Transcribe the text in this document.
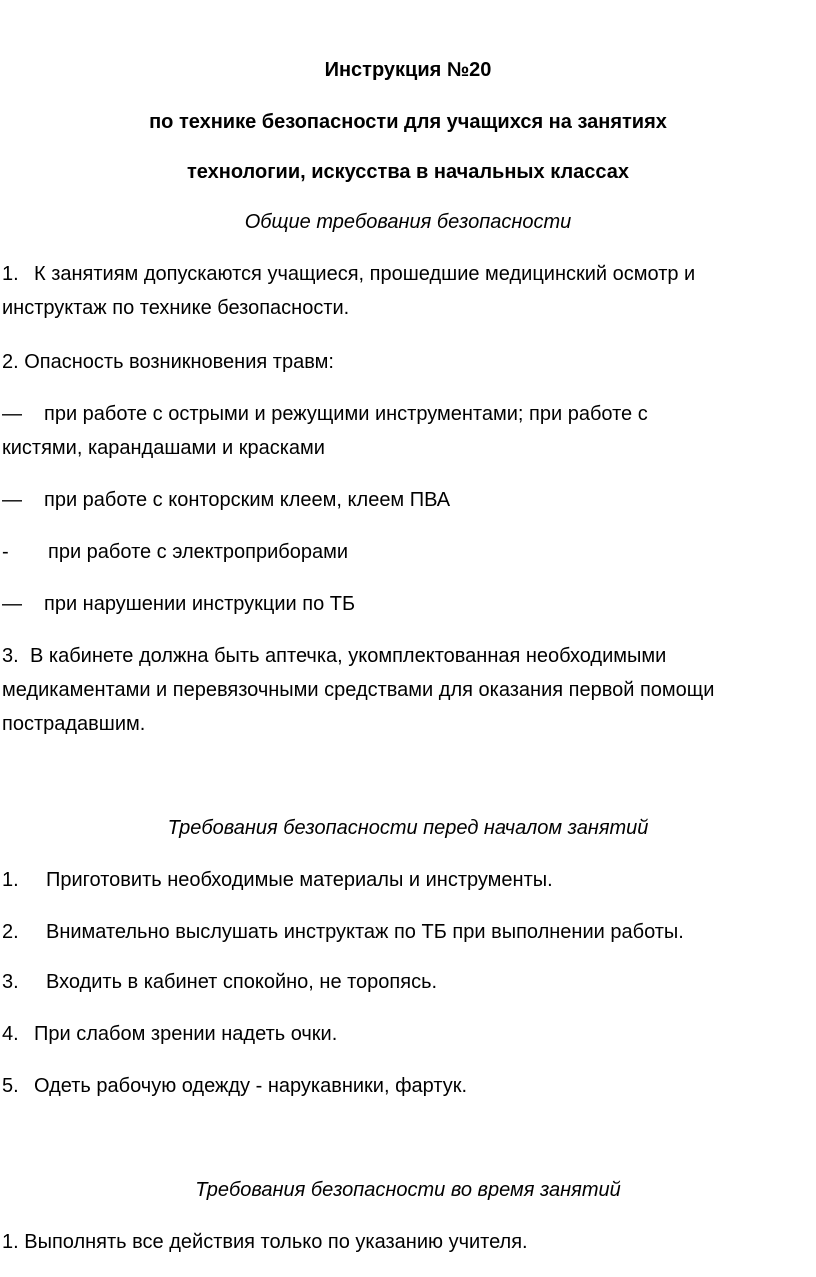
Инструкция №20
по технике безопасности для учащихся на занятиях
технологии, искусства в начальных классах
Общие требования безопасности
1. К занятиям допускаются учащиеся, прошедшие медицинский осмотр и
инструктаж по технике безопасности.
2. Опасность возникновения травм:
— при работе с острыми и режущими инструментами; при работе с
кистями, карандашами и красками
— при работе с конторским клеем, клеем ПВА
- при работе с электроприборами
— при нарушении инструкции по ТБ
3. В кабинете должна быть аптечка, укомплектованная необходимыми
медикаментами и перевязочными средствами для оказания первой помощи
пострадавшим.
Требования безопасности перед началом занятий
1. Приготовить необходимые материалы и инструменты.
2. Внимательно выслушать инструктаж по ТБ при выполнении работы.
3. Входить в кабинет спокойно, не торопясь.
4. При слабом зрении надеть очки.
5. Одеть рабочую одежду - нарукавники, фартук.
Требования безопасности во время занятий
1. Выполнять все действия только по указанию учителя.
